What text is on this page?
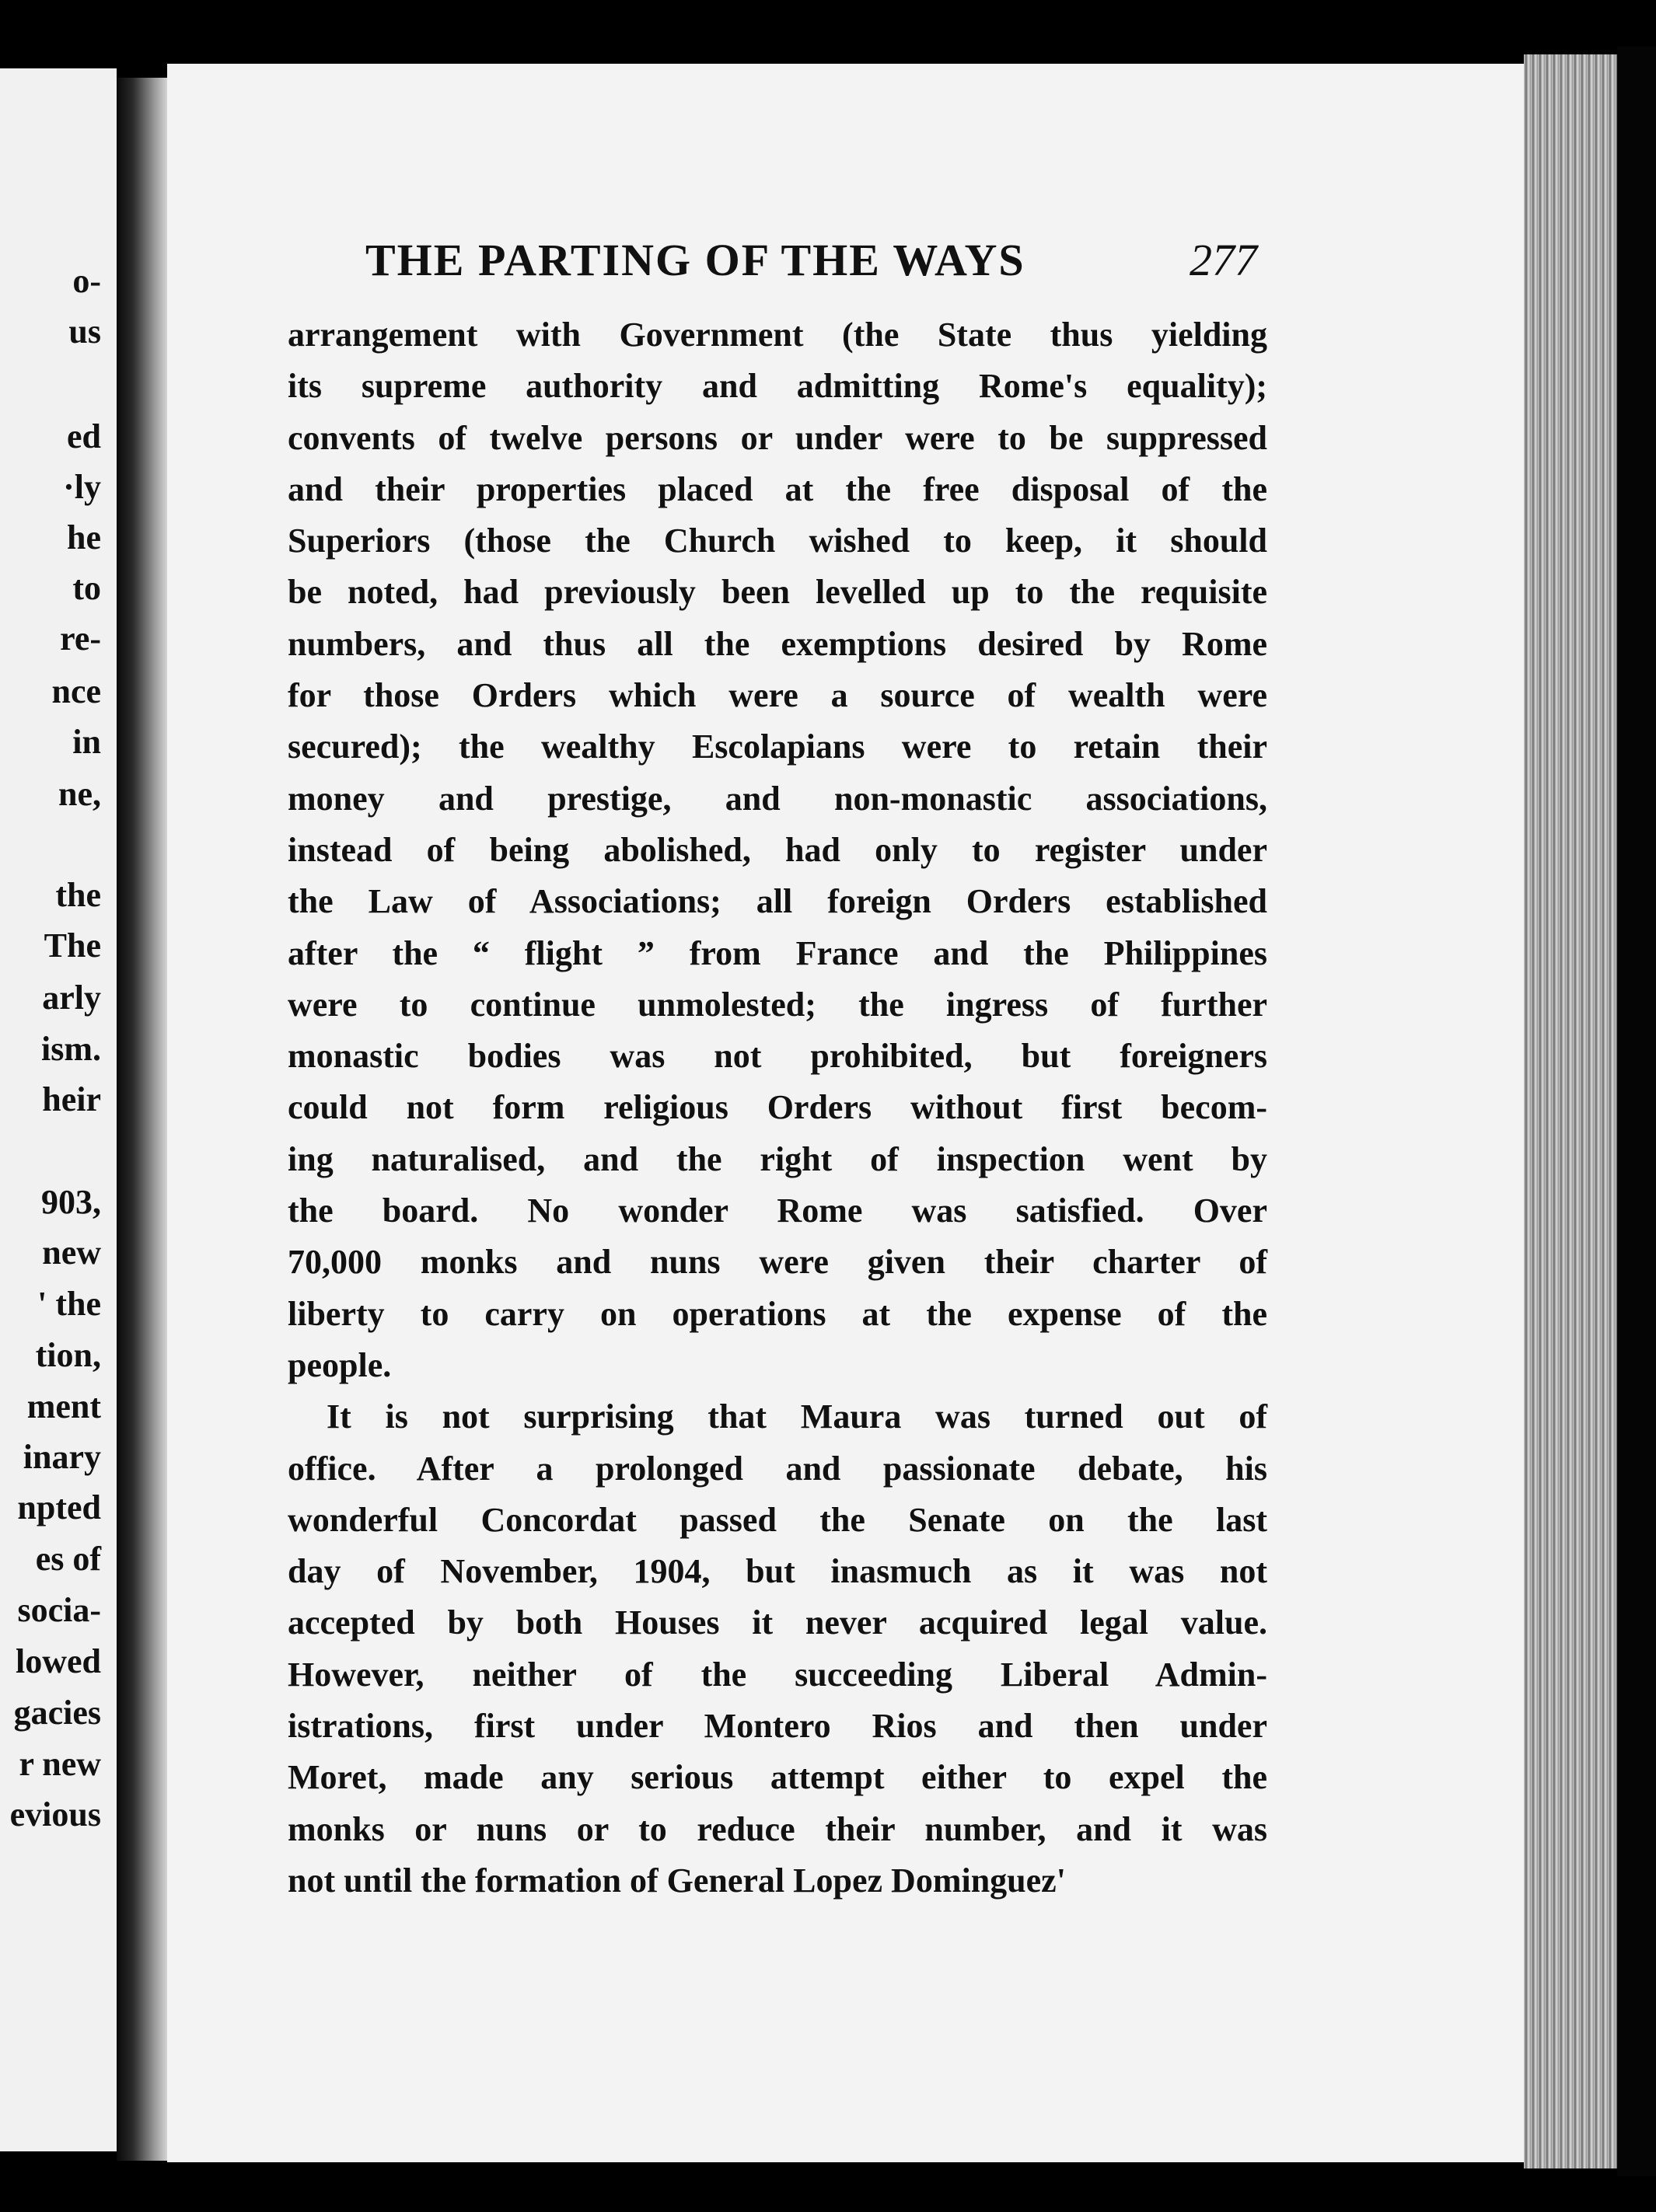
o-
us
ed
·ly
he
to
re-
nce
in
ne,
the
The
arly
ism.
heir
903,
new
' the
tion,
ment
inary
npted
es of
socia-
lowed
gacies
r new
evious
THE PARTING OF THE WAYS	277
arrangement with Government (the State thus yielding
its supreme authority and admitting Rome's equality);
convents of twelve persons or under were to be suppressed
and their properties placed at the free disposal of the
Superiors (those the Church wished to keep, it should
be noted, had previously been levelled up to the requisite
numbers, and thus all the exemptions desired by Rome
for those Orders which were a source of wealth were
secured); the wealthy Escolapians were to retain their
money and prestige, and non-monastic associations,
instead of being abolished, had only to register under
the Law of Associations; all foreign Orders established
after the “ flight ” from France and the Philippines
were to continue unmolested; the ingress of further
monastic bodies was not prohibited, but foreigners
could not form religious Orders without first becom-
ing naturalised, and the right of inspection went by
the board. No wonder Rome was satisfied. Over
70,000 monks and nuns were given their charter of
liberty to carry on operations at the expense of the
people.
It is not surprising that Maura was turned out of
office. After a prolonged and passionate debate, his
wonderful Concordat passed the Senate on the last
day of November, 1904, but inasmuch as it was not
accepted by both Houses it never acquired legal value.
However, neither of the succeeding Liberal Admin-
istrations, first under Montero Rios and then under
Moret, made any serious attempt either to expel the
monks or nuns or to reduce their number, and it was
not until the formation of General Lopez Dominguez'
